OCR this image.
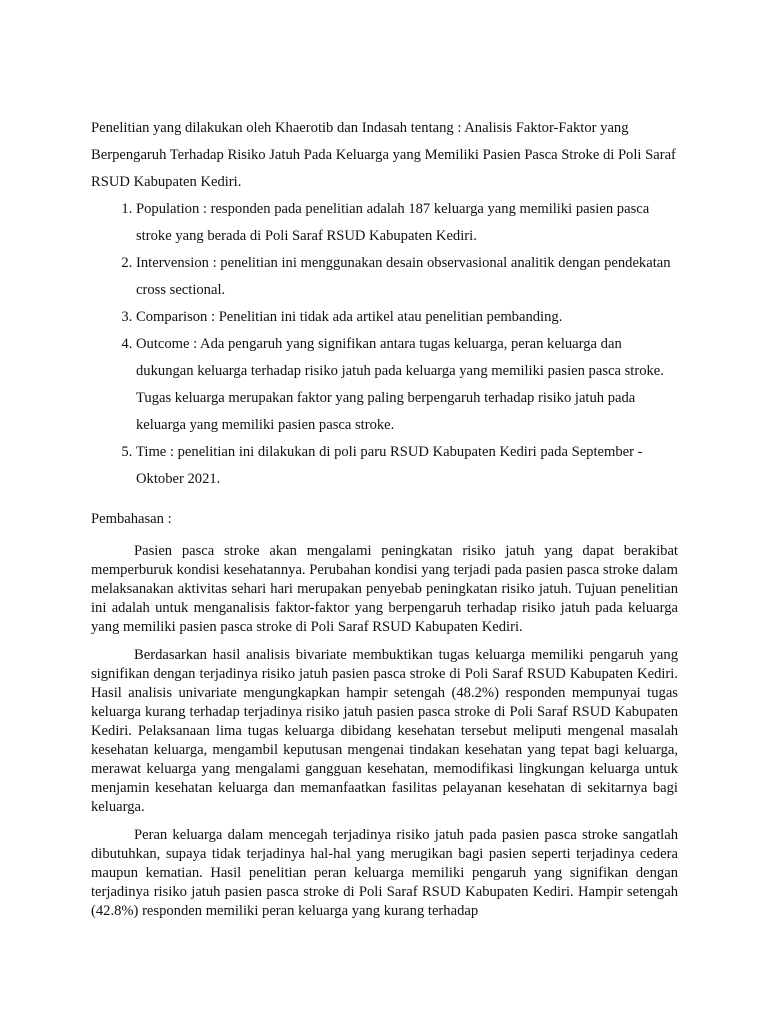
Penelitian yang dilakukan oleh Khaerotib dan Indasah tentang : Analisis Faktor-Faktor yang Berpengaruh Terhadap Risiko Jatuh Pada Keluarga yang Memiliki Pasien Pasca Stroke di Poli Saraf RSUD Kabupaten Kediri.

1. Population : responden pada penelitian adalah 187 keluarga yang memiliki pasien pasca stroke yang berada di Poli Saraf RSUD Kabupaten Kediri.
2. Intervension : penelitian ini menggunakan desain observasional analitik dengan pendekatan cross sectional.
3. Comparison : Penelitian ini tidak ada artikel atau penelitian pembanding.
4. Outcome : Ada pengaruh yang signifikan antara tugas keluarga, peran keluarga dan dukungan keluarga terhadap risiko jatuh pada keluarga yang memiliki pasien pasca stroke. Tugas keluarga merupakan faktor yang paling berpengaruh terhadap risiko jatuh pada keluarga yang memiliki pasien pasca stroke.
5. Time : penelitian ini dilakukan di poli paru RSUD Kabupaten Kediri pada September - Oktober 2021.

Pembahasan :

Pasien pasca stroke akan mengalami peningkatan risiko jatuh yang dapat berakibat memperburuk kondisi kesehatannya. Perubahan kondisi yang terjadi pada pasien pasca stroke dalam melaksanakan aktivitas sehari hari merupakan penyebab peningkatan risiko jatuh. Tujuan penelitian ini adalah untuk menganalisis faktor-faktor yang berpengaruh terhadap risiko jatuh pada keluarga yang memiliki pasien pasca stroke di Poli Saraf RSUD Kabupaten Kediri.

Berdasarkan hasil analisis bivariate membuktikan tugas keluarga memiliki pengaruh yang signifikan dengan terjadinya risiko jatuh pasien pasca stroke di Poli Saraf RSUD Kabupaten Kediri. Hasil analisis univariate mengungkapkan hampir setengah (48.2%) responden mempunyai tugas keluarga kurang terhadap terjadinya risiko jatuh pasien pasca stroke di Poli Saraf RSUD Kabupaten Kediri. Pelaksanaan lima tugas keluarga dibidang kesehatan tersebut meliputi mengenal masalah kesehatan keluarga, mengambil keputusan mengenai tindakan kesehatan yang tepat bagi keluarga, merawat keluarga yang mengalami gangguan kesehatan, memodifikasi lingkungan keluarga untuk menjamin kesehatan keluarga dan memanfaatkan fasilitas pelayanan kesehatan di sekitarnya bagi keluarga.

Peran keluarga dalam mencegah terjadinya risiko jatuh pada pasien pasca stroke sangatlah dibutuhkan, supaya tidak terjadinya hal-hal yang merugikan bagi pasien seperti terjadinya cedera maupun kematian. Hasil penelitian peran keluarga memiliki pengaruh yang signifikan dengan terjadinya risiko jatuh pasien pasca stroke di Poli Saraf RSUD Kabupaten Kediri. Hampir setengah (42.8%) responden memiliki peran keluarga yang kurang terhadap
